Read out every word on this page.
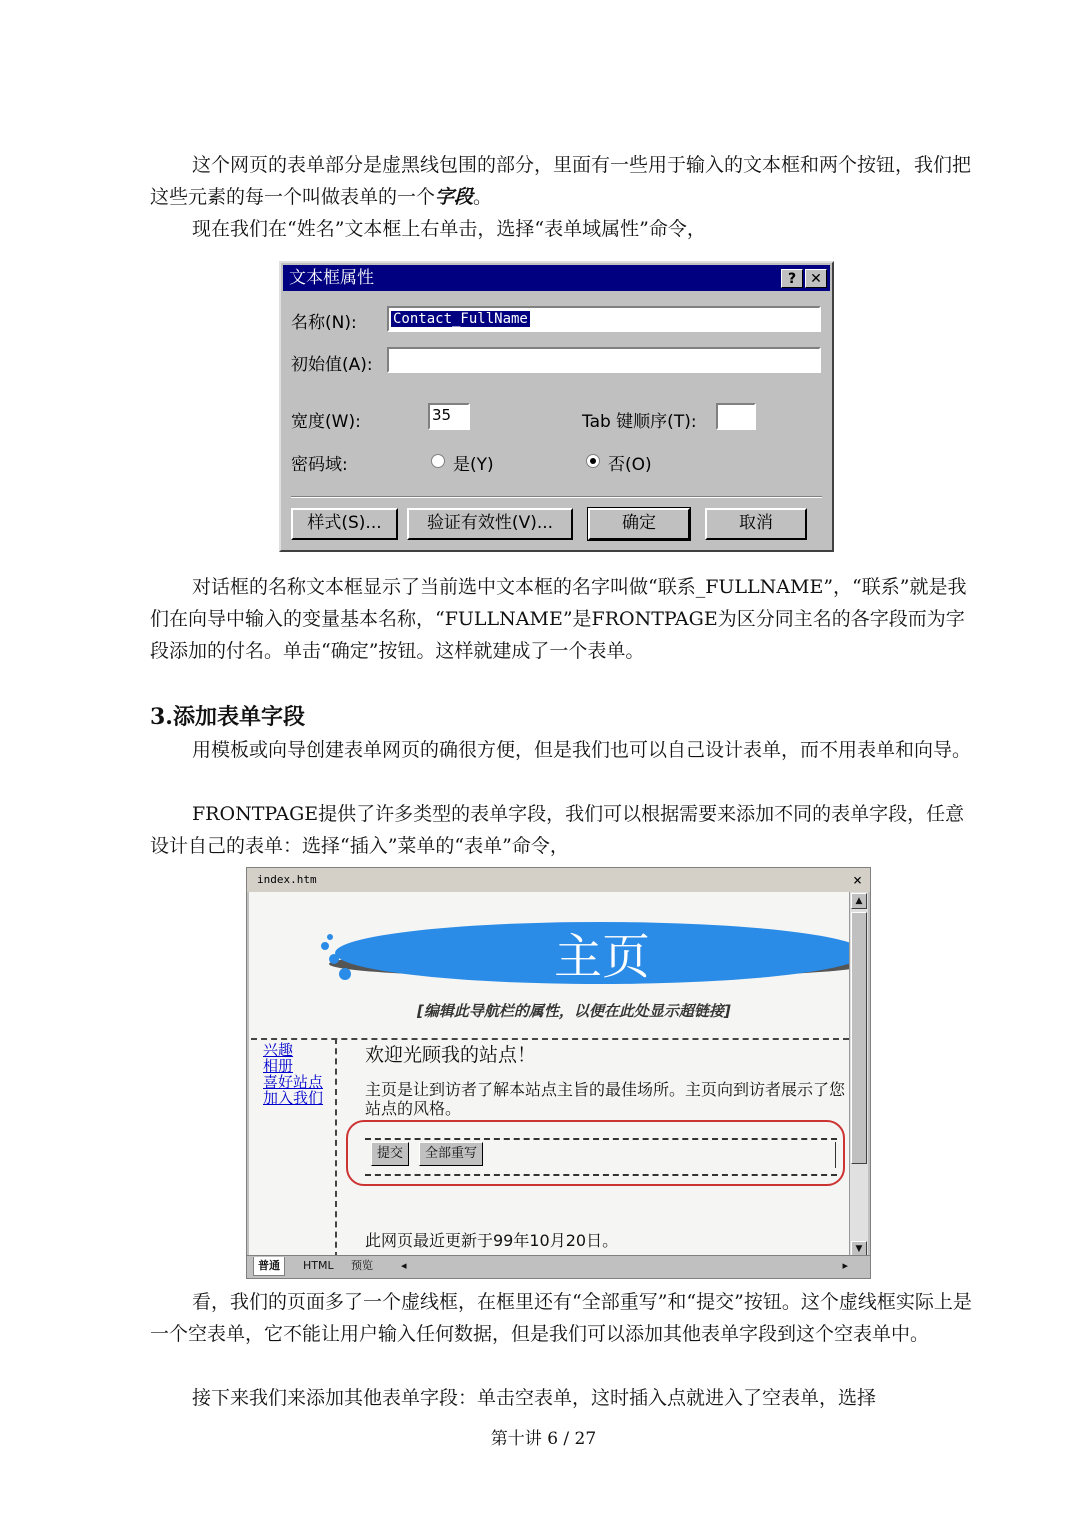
这个网页的表单部分是虚黑线包围的部分，里面有一些用于输入的文本框和两个按钮，我们把这些元素的每一个叫做表单的一个字段。

现在我们在“姓名”文本框上右单击，选择“表单域属性”命令，

文本框属性	?	✕
名称(N):	Contact_FullName
初始值(A):
宽度(W):	35	Tab 键顺序(T):
密码域:	是(Y)	否(O)
样式(S)...	验证有效性(V)...	确定	取消

对话框的名称文本框显示了当前选中文本框的名字叫做“联系_FULLNAME”，“联系”就是我们在向导中输入的变量基本名称，“FULLNAME”是FRONTPAGE为区分同主名的各字段而为字段添加的付名。单击“确定”按钮。这样就建成了一个表单。

3.添加表单字段

用模板或向导创建表单网页的确很方便，但是我们也可以自己设计表单，而不用表单和向导。

FRONTPAGE提供了许多类型的表单字段，我们可以根据需要来添加不同的表单字段，任意设计自己的表单：选择“插入”菜单的“表单”命令，

index.htm	×
主页
[编辑此导航栏的属性，以便在此处显示超链接]
兴趣
相册
喜好站点
加入我们
欢迎光顾我的站点！
主页是让到访者了解本站点主旨的最佳场所。主页向到访者展示了您站点的风格。
提交	全部重写
此网页最近更新于99年10月20日。
▲
▼
普通	HTML	预览	◂	▸

看，我们的页面多了一个虚线框，在框里还有“全部重写”和“提交”按钮。这个虚线框实际上是一个空表单，它不能让用户输入任何数据，但是我们可以添加其他表单字段到这个空表单中。

接下来我们来添加其他表单字段：单击空表单，这时插入点就进入了空表单，选择

第十讲 6 / 27
